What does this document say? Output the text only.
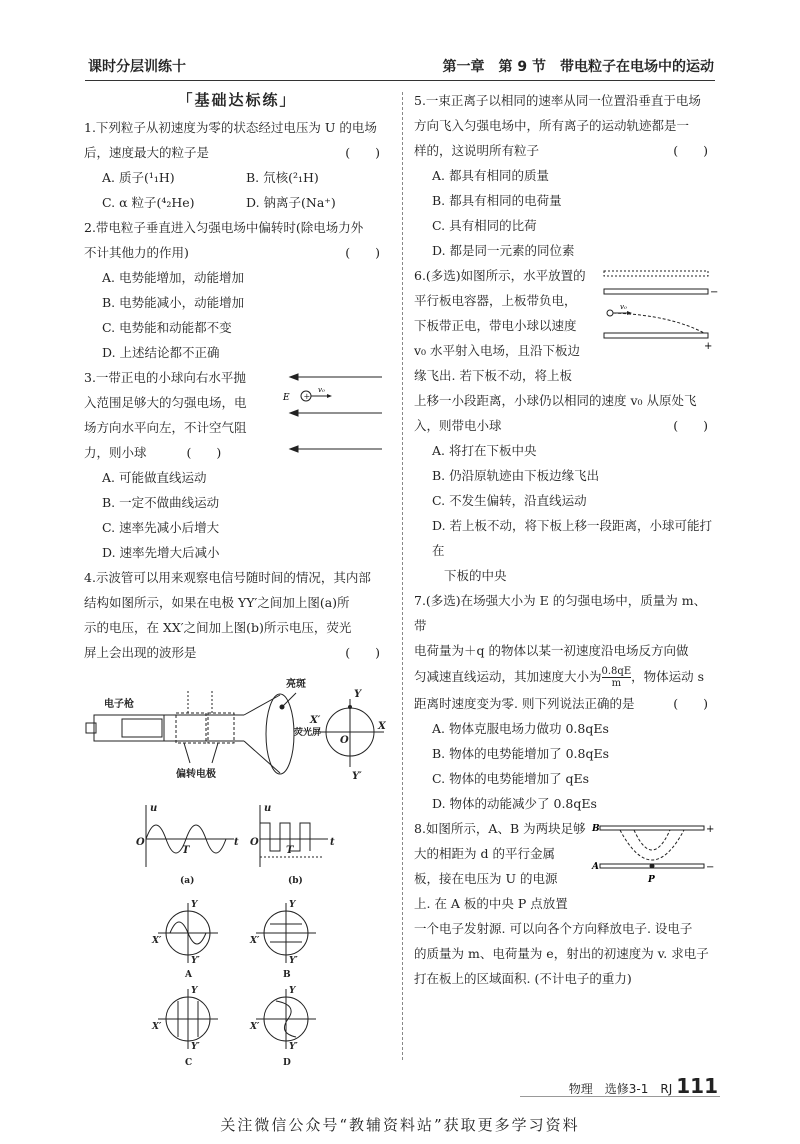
课时分层训练十	第一章　第 9 节　带电粒子在电场中的运动
「基础达标练」

1.下列粒子从初速度为零的状态经过电压为 U 的电场

后，速度最大的粒子是	(　　)

A. 质子(¹₁H)	B. 氘核(²₁H)
C. α 粒子(⁴₂He)	D. 钠离子(Na⁺)

2.带电粒子垂直进入匀强电场中偏转时(除电场力外

不计其他力的作用)	(　　)

A. 电势能增加，动能增加

B. 电势能减小，动能增加

C. 电势能和动能都不变

D. 上述结论都不正确

+
v₀
E

3.一带正电的小球向右水平抛

入范围足够大的匀强电场，电

场方向水平向左，不计空气阻

力，则小球	(　　)

A. 可能做直线运动

B. 一定不做曲线运动

C. 速率先减小后增大

D. 速率先增大后减小

4.示波管可以用来观察电信号随时间的情况，其内部

结构如图所示，如果在电极 YY′之间加上图(a)所

示的电压，在 XX′之间加上图(b)所示电压，荧光

屏上会出现的波形是	(　　)

电子枪
亮斑
荧光屏
偏转电极
Y
Y′
X
X′
O

u
t
T
O
u
t
T
O
(a)	(b)

Y
Y′
X′
Y
Y′
X′
Y
Y′
X′
Y
Y′
X′
A	B
C	D

5.一束正离子以相同的速率从同一位置沿垂直于电场

方向飞入匀强电场中，所有离子的运动轨迹都是一

样的，这说明所有粒子	(　　)

A. 都具有相同的质量

B. 都具有相同的电荷量

C. 具有相同的比荷

D. 都是同一元素的同位素

−
+
v₀

6.(多选)如图所示，水平放置的

平行板电容器，上板带负电，

下板带正电，带电小球以速度

v₀ 水平射入电场，且沿下板边

缘飞出. 若下板不动，将上板

上移一小段距离，小球仍以相同的速度 v₀ 从原处飞

入，则带电小球	(　　)

A. 将打在下板中央

B. 仍沿原轨迹由下板边缘飞出

C. 不发生偏转，沿直线运动

D. 若上板不动，将下板上移一段距离，小球可能打在

下板的中央

7.(多选)在场强大小为 E 的匀强电场中，质量为 m、带

电荷量为＋q 的物体以某一初速度沿电场反方向做

匀减速直线运动，其加速度大小为 $\frac{0.8qE}{m}$ ，物体运动 s

距离时速度变为零. 则下列说法正确的是	(　　)

A. 物体克服电场力做功 0.8qEs

B. 物体的电势能增加了 0.8qEs

C. 物体的电势能增加了 qEs

D. 物体的动能减少了 0.8qEs

B
A
P
+
−

8.如图所示，A、B 为两块足够

大的相距为 d 的平行金属

板，接在电压为 U 的电源

上. 在 A 板的中央 P 点放置

一个电子发射源. 可以向各个方向释放电子. 设电子

的质量为 m、电荷量为 e，射出的初速度为 v. 求电子

打在板上的区域面积. (不计电子的重力)

物理　选修3-1　RJ 111
关注微信公众号“教辅资料站”获取更多学习资料
